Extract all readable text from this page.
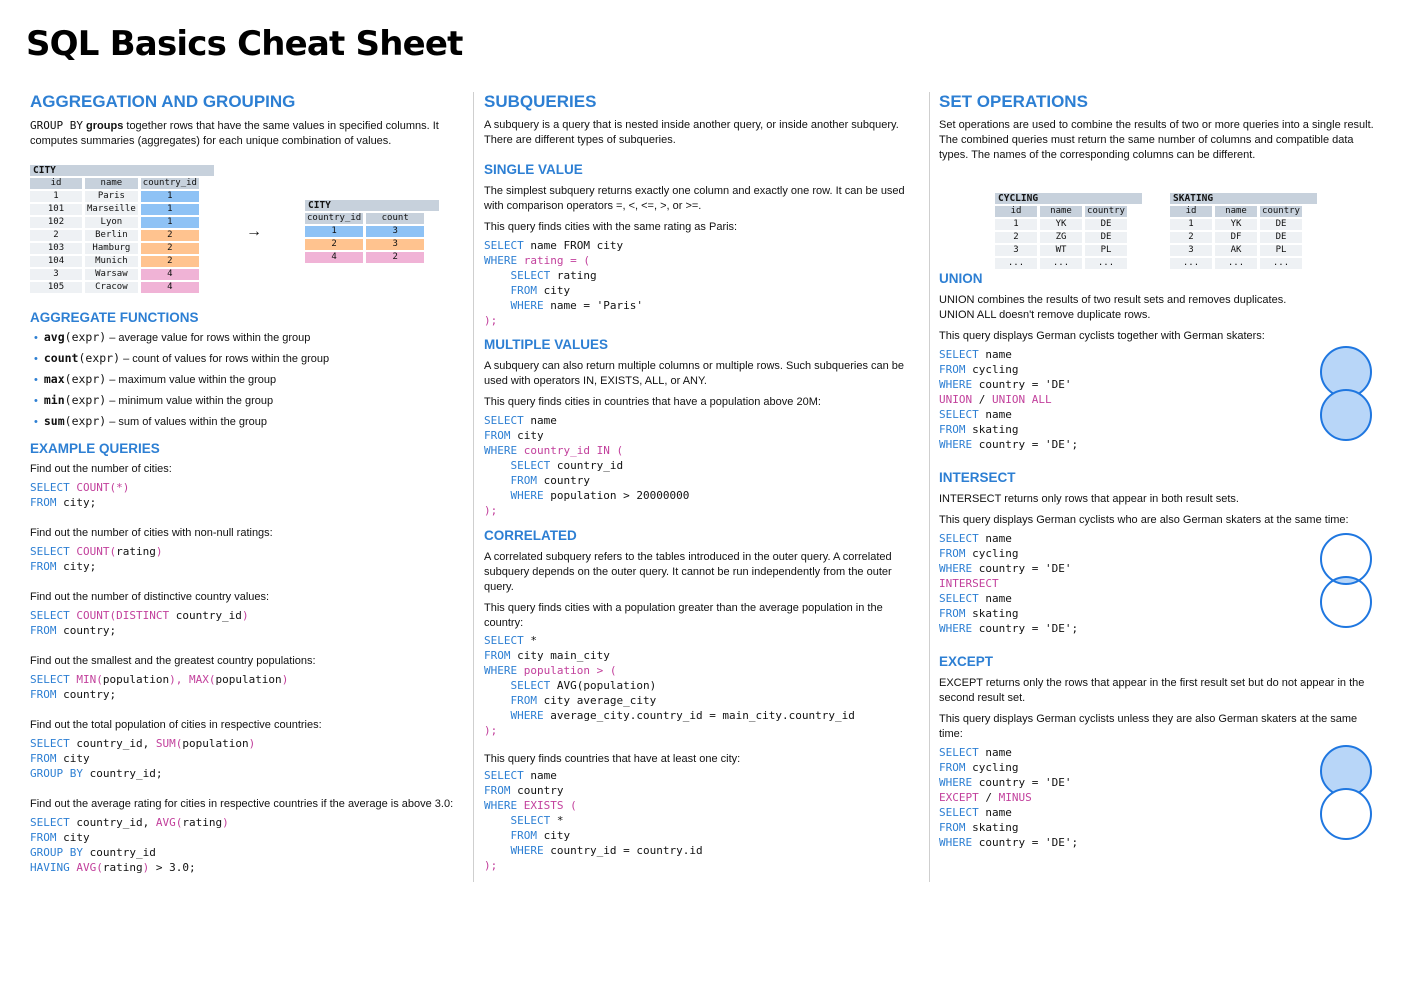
SQL Basics Cheat Sheet
AGGREGATION AND GROUPING

GROUP BY groups together rows that have the same values in specified columns. It computes summaries (aggregates) for each unique combination of values.

CITY
id	name	country_id
1	Paris	1
101	Marseille	1
102	Lyon	1
2	Berlin	2
103	Hamburg	2
104	Munich	2
3	Warsaw	4
105	Cracow	4
→
CITY
country_id	count
1	3
2	3
4	2
AGGREGATE FUNCTIONS
• avg(expr) – average value for rows within the group
• count(expr) – count of values for rows within the group
• max(expr) – maximum value within the group
• min(expr) – minimum value within the group
• sum(expr) – sum of values within the group
EXAMPLE QUERIES

Find out the number of cities:

SELECT COUNT(*)
FROM city;

Find out the number of cities with non-null ratings:

SELECT COUNT(rating)
FROM city;

Find out the number of distinctive country values:

SELECT COUNT(DISTINCT country_id)
FROM country;

Find out the smallest and the greatest country populations:

SELECT MIN(population), MAX(population)
FROM country;

Find out the total population of cities in respective countries:

SELECT country_id, SUM(population)
FROM city
GROUP BY country_id;

Find out the average rating for cities in respective countries if the average is above 3.0:

SELECT country_id, AVG(rating)
FROM city
GROUP BY country_id
HAVING AVG(rating) > 3.0;
SUBQUERIES

A subquery is a query that is nested inside another query, or inside another subquery. There are different types of subqueries.

SINGLE VALUE

The simplest subquery returns exactly one column and exactly one row. It can be used with comparison operators =, <, <=, >, or >=.

This query finds cities with the same rating as Paris:

SELECT name FROM city
WHERE rating = (
SELECT rating
FROM city
WHERE name = 'Paris'
);
MULTIPLE VALUES

A subquery can also return multiple columns or multiple rows. Such subqueries can be used with operators IN, EXISTS, ALL, or ANY.

This query finds cities in countries that have a population above 20M:

SELECT name
FROM city
WHERE country_id IN (
SELECT country_id
FROM country
WHERE population > 20000000
);
CORRELATED

A correlated subquery refers to the tables introduced in the outer query. A correlated subquery depends on the outer query. It cannot be run independently from the outer query.

This query finds cities with a population greater than the average population in the country:

SELECT *
FROM city main_city
WHERE population > (
SELECT AVG(population)
FROM city average_city
WHERE average_city.country_id = main_city.country_id
);

This query finds countries that have at least one city:

SELECT name
FROM country
WHERE EXISTS (
SELECT *
FROM city
WHERE country_id = country.id
);
SET OPERATIONS

Set operations are used to combine the results of two or more queries into a single result. The combined queries must return the same number of columns and compatible data types. The names of the corresponding columns can be different.

CYCLING
id	name	country
1	YK	DE
2	ZG	DE
3	WT	PL
...	...	...
SKATING
id	name	country
1	YK	DE
2	DF	DE
3	AK	PL
...	...	...
UNION

UNION combines the results of two result sets and removes duplicates.

UNION ALL doesn't remove duplicate rows.

This query displays German cyclists together with German skaters:

SELECT name
FROM cycling
WHERE country = 'DE'
UNION / UNION ALL
SELECT name
FROM skating
WHERE country = 'DE';
INTERSECT

INTERSECT returns only rows that appear in both result sets.

This query displays German cyclists who are also German skaters at the same time:

SELECT name
FROM cycling
WHERE country = 'DE'
INTERSECT
SELECT name
FROM skating
WHERE country = 'DE';
EXCEPT

EXCEPT returns only the rows that appear in the first result set but do not appear in the second result set.

This query displays German cyclists unless they are also German skaters at the same time:

SELECT name
FROM cycling
WHERE country = 'DE'
EXCEPT / MINUS
SELECT name
FROM skating
WHERE country = 'DE';
